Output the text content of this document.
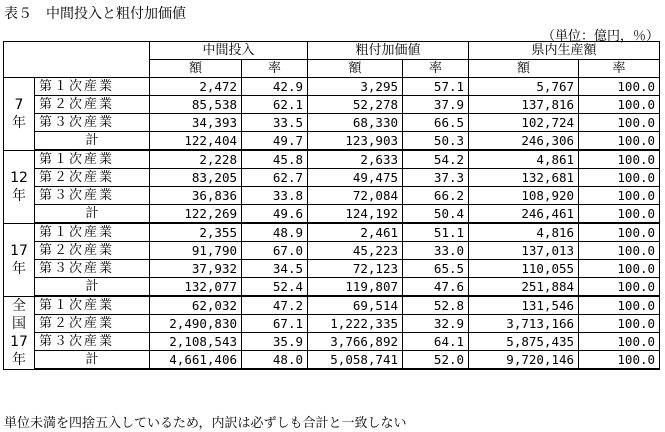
表５　中間投入と粗付加価値
（単位：億円，％）
		中間投入		粗付加価値		県内生産額	
		額	率	額	率	額	率

7
年	第１次産業	2,472	42.9	3,295	57.1	5,767	100.0
	第２次産業	85,538	62.1	52,278	37.9	137,816	100.0
	第３次産業	34,393	33.5	68,330	66.5	102,724	100.0
	計	122,404	49.7	123,903	50.3	246,306	100.0

12
年	第１次産業	2,228	45.8	2,633	54.2	4,861	100.0
	第２次産業	83,205	62.7	49,475	37.3	132,681	100.0
	第３次産業	36,836	33.8	72,084	66.2	108,920	100.0
	計	122,269	49.6	124,192	50.4	246,461	100.0

17
年	第１次産業	2,355	48.9	2,461	51.1	4,816	100.0
	第２次産業	91,790	67.0	45,223	33.0	137,013	100.0
	第３次産業	37,932	34.5	72,123	65.5	110,055	100.0
	計	132,077	52.4	119,807	47.6	251,884	100.0

全
国
17
年	第１次産業	62,032	47.2	69,514	52.8	131,546	100.0
	第２次産業	2,490,830	67.1	1,222,335	32.9	3,713,166	100.0
	第３次産業	2,108,543	35.9	3,766,892	64.1	5,875,435	100.0
	計	4,661,406	48.0	5,058,741	52.0	9,720,146	100.0
単位未満を四捨五入しているため，内訳は必ずしも合計と一致しない
